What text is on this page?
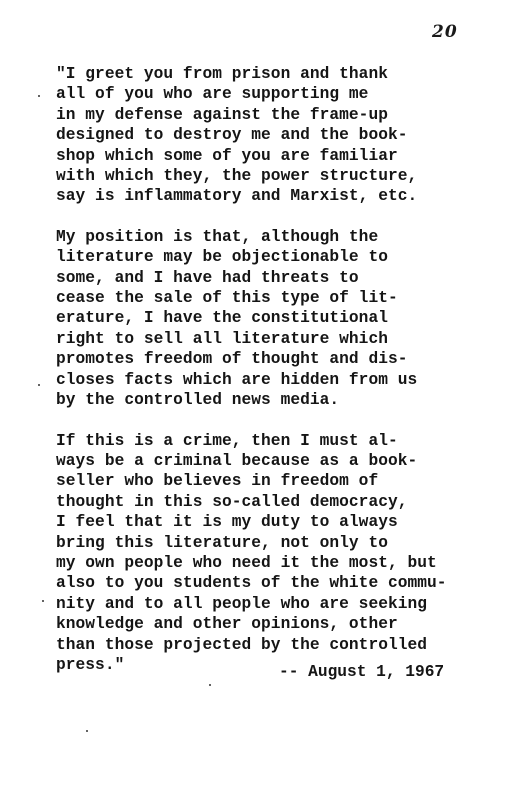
20
"I greet you from prison and thank
all of you who are supporting me
in my defense against the frame-up
designed to destroy me and the book-
shop which some of you are familiar
with which they, the power structure,
say is inflammatory and Marxist, etc.
My position is that, although the
literature may be objectionable to
some, and I have had threats to
cease the sale of this type of lit-
erature, I have the constitutional
right to sell all literature which
promotes freedom of thought and dis-
closes facts which are hidden from us
by the controlled news media.
If this is a crime, then I must al-
ways be a criminal because as a book-
seller who believes in freedom of
thought in this so-called democracy,
I feel that it is my duty to always
bring this literature, not only to
my own people who need it the most, but
also to you students of the white commu-
nity and to all people who are seeking
knowledge and other opinions, other
than those projected by the controlled
press."	-- August 1, 1967
